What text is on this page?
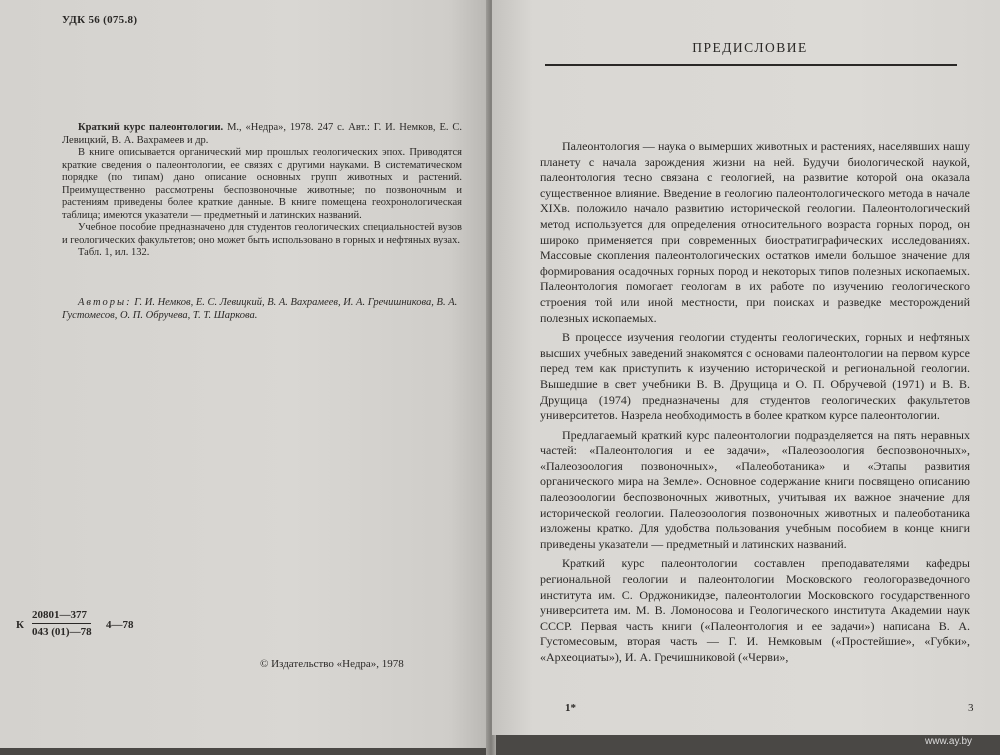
УДК 56 (075.8)

Краткий курс палеонтологии. М., «Недра», 1978. 247 с. Авт.: Г. И. Немков, Е. С. Левицкий, В. А. Вахрамеев и др.

В книге описывается органический мир прошлых геологических эпох. Приводятся краткие сведения о палеонтологии, ее связях с другими науками. В систематическом порядке (по типам) дано описание основных групп животных и растений. Преимущественно рассмотрены беспозвоночные животные; по позвоночным и растениям приведены более краткие данные. В книге помещена геохронологическая таблица; имеются указатели — предметный и латинских названий.

Учебное пособие предназначено для студентов геологических специальностей вузов и геологических факультетов; оно может быть использовано в горных и нефтяных вузах.

Табл. 1, ил. 132.

Авторы: Г. И. Немков, Е. С. Левицкий, В. А. Вахрамеев, И. А. Гречишникова, В. А. Густомесов, О. П. Обручева, Т. Т. Шаркова.
К
20801—377
043 (01)—78
4—78
© Издательство «Недра», 1978
ПРЕДИСЛОВИЕ

Палеонтология — наука о вымерших животных и растениях, населявших нашу планету с начала зарождения жизни на ней. Будучи биологической наукой, палеонтология тесно связана с геологией, на развитие которой она оказала существенное влияние. Введение в геологию палеонтологического метода в начале XIXв. положило начало развитию исторической геологии. Палеонтологический метод используется для определения относительного возраста горных пород, он широко применяется при современных биостратиграфических исследованиях. Массовые скопления палеонтологических остатков имели большое значение для формирования осадочных горных пород и некоторых типов полезных ископаемых. Палеонтология помогает геологам в их работе по изучению геологического строения той или иной местности, при поисках и разведке месторождений полезных ископаемых.

В процессе изучения геологии студенты геологических, горных и нефтяных высших учебных заведений знакомятся с основами палеонтологии на первом курсе перед тем как приступить к изучению исторической и региональной геологии. Вышедшие в свет учебники В. В. Друщица и О. П. Обручевой (1971) и В. В. Друщица (1974) предназначены для студентов геологических факультетов университетов. Назрела необходимость в более кратком курсе палеонтологии.

Предлагаемый краткий курс палеонтологии подразделяется на пять неравных частей: «Палеонтология и ее задачи», «Палеозоология беспозвоночных», «Палеозоология позвоночных», «Палеоботаника» и «Этапы развития органического мира на Земле». Основное содержание книги посвящено описанию палеозоологии беспозвоночных животных, учитывая их важное значение для исторической геологии. Палеозоология позвоночных животных и палеоботаника изложены кратко. Для удобства пользования учебным пособием в конце книги приведены указатели — предметный и латинских названий.

Краткий курс палеонтологии составлен преподавателями кафедры региональной геологии и палеонтологии Московского геологоразведочного института им. С. Орджоникидзе, палеонтологии Московского государственного университета им. М. В. Ломоносова и Геологического института Академии наук СССР. Первая часть книги («Палеонтология и ее задачи») написана В. А. Густомесовым, вторая часть — Г. И. Немковым («Простейшие», «Губки», «Археоциаты»), И. А. Гречишниковой («Черви»,

1*	3
www.ay.by
